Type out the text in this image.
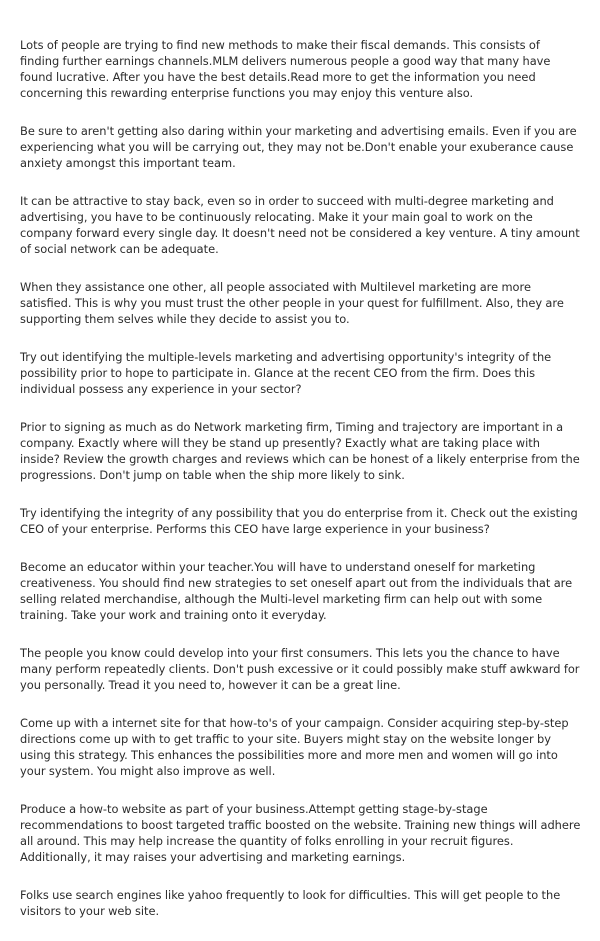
Lots of people are trying to find new methods to make their fiscal demands. This consists of finding further earnings channels.MLM delivers numerous people a good way that many have found lucrative. After you have the best details.Read more to get the information you need concerning this rewarding enterprise functions you may enjoy this venture also.

Be sure to aren't getting also daring within your marketing and advertising emails. Even if you are experiencing what you will be carrying out, they may not be.Don't enable your exuberance cause anxiety amongst this important team.

It can be attractive to stay back, even so in order to succeed with multi-degree marketing and advertising, you have to be continuously relocating. Make it your main goal to work on the company forward every single day. It doesn't need not be considered a key venture. A tiny amount of social network can be adequate.

When they assistance one other, all people associated with Multilevel marketing are more satisfied. This is why you must trust the other people in your quest for fulfillment. Also, they are supporting them selves while they decide to assist you to.

Try out identifying the multiple-levels marketing and advertising opportunity's integrity of the possibility prior to hope to participate in. Glance at the recent CEO from the firm. Does this individual possess any experience in your sector?

Prior to signing as much as do Network marketing firm, Timing and trajectory are important in a company. Exactly where will they be stand up presently? Exactly what are taking place with inside? Review the growth charges and reviews which can be honest of a likely enterprise from the progressions. Don't jump on table when the ship more likely to sink.

Try identifying the integrity of any possibility that you do enterprise from it. Check out the existing CEO of your enterprise. Performs this CEO have large experience in your business?

Become an educator within your teacher.You will have to understand oneself for marketing creativeness. You should find new strategies to set oneself apart out from the individuals that are selling related merchandise, although the Multi-level marketing firm can help out with some training. Take your work and training onto it everyday.

The people you know could develop into your first consumers. This lets you the chance to have many perform repeatedly clients. Don't push excessive or it could possibly make stuff awkward for you personally. Tread it you need to, however it can be a great line.

Come up with a internet site for that how-to's of your campaign. Consider acquiring step-by-step directions come up with to get traffic to your site. Buyers might stay on the website longer by using this strategy. This enhances the possibilities more and more men and women will go into your system. You might also improve as well.

Produce a how-to website as part of your business.Attempt getting stage-by-stage recommendations to boost targeted traffic boosted on the website. Training new things will adhere all around. This may help increase the quantity of folks enrolling in your recruit figures. Additionally, it may raises your advertising and marketing earnings.

Folks use search engines like yahoo frequently to look for difficulties. This will get people to the visitors to your web site.
